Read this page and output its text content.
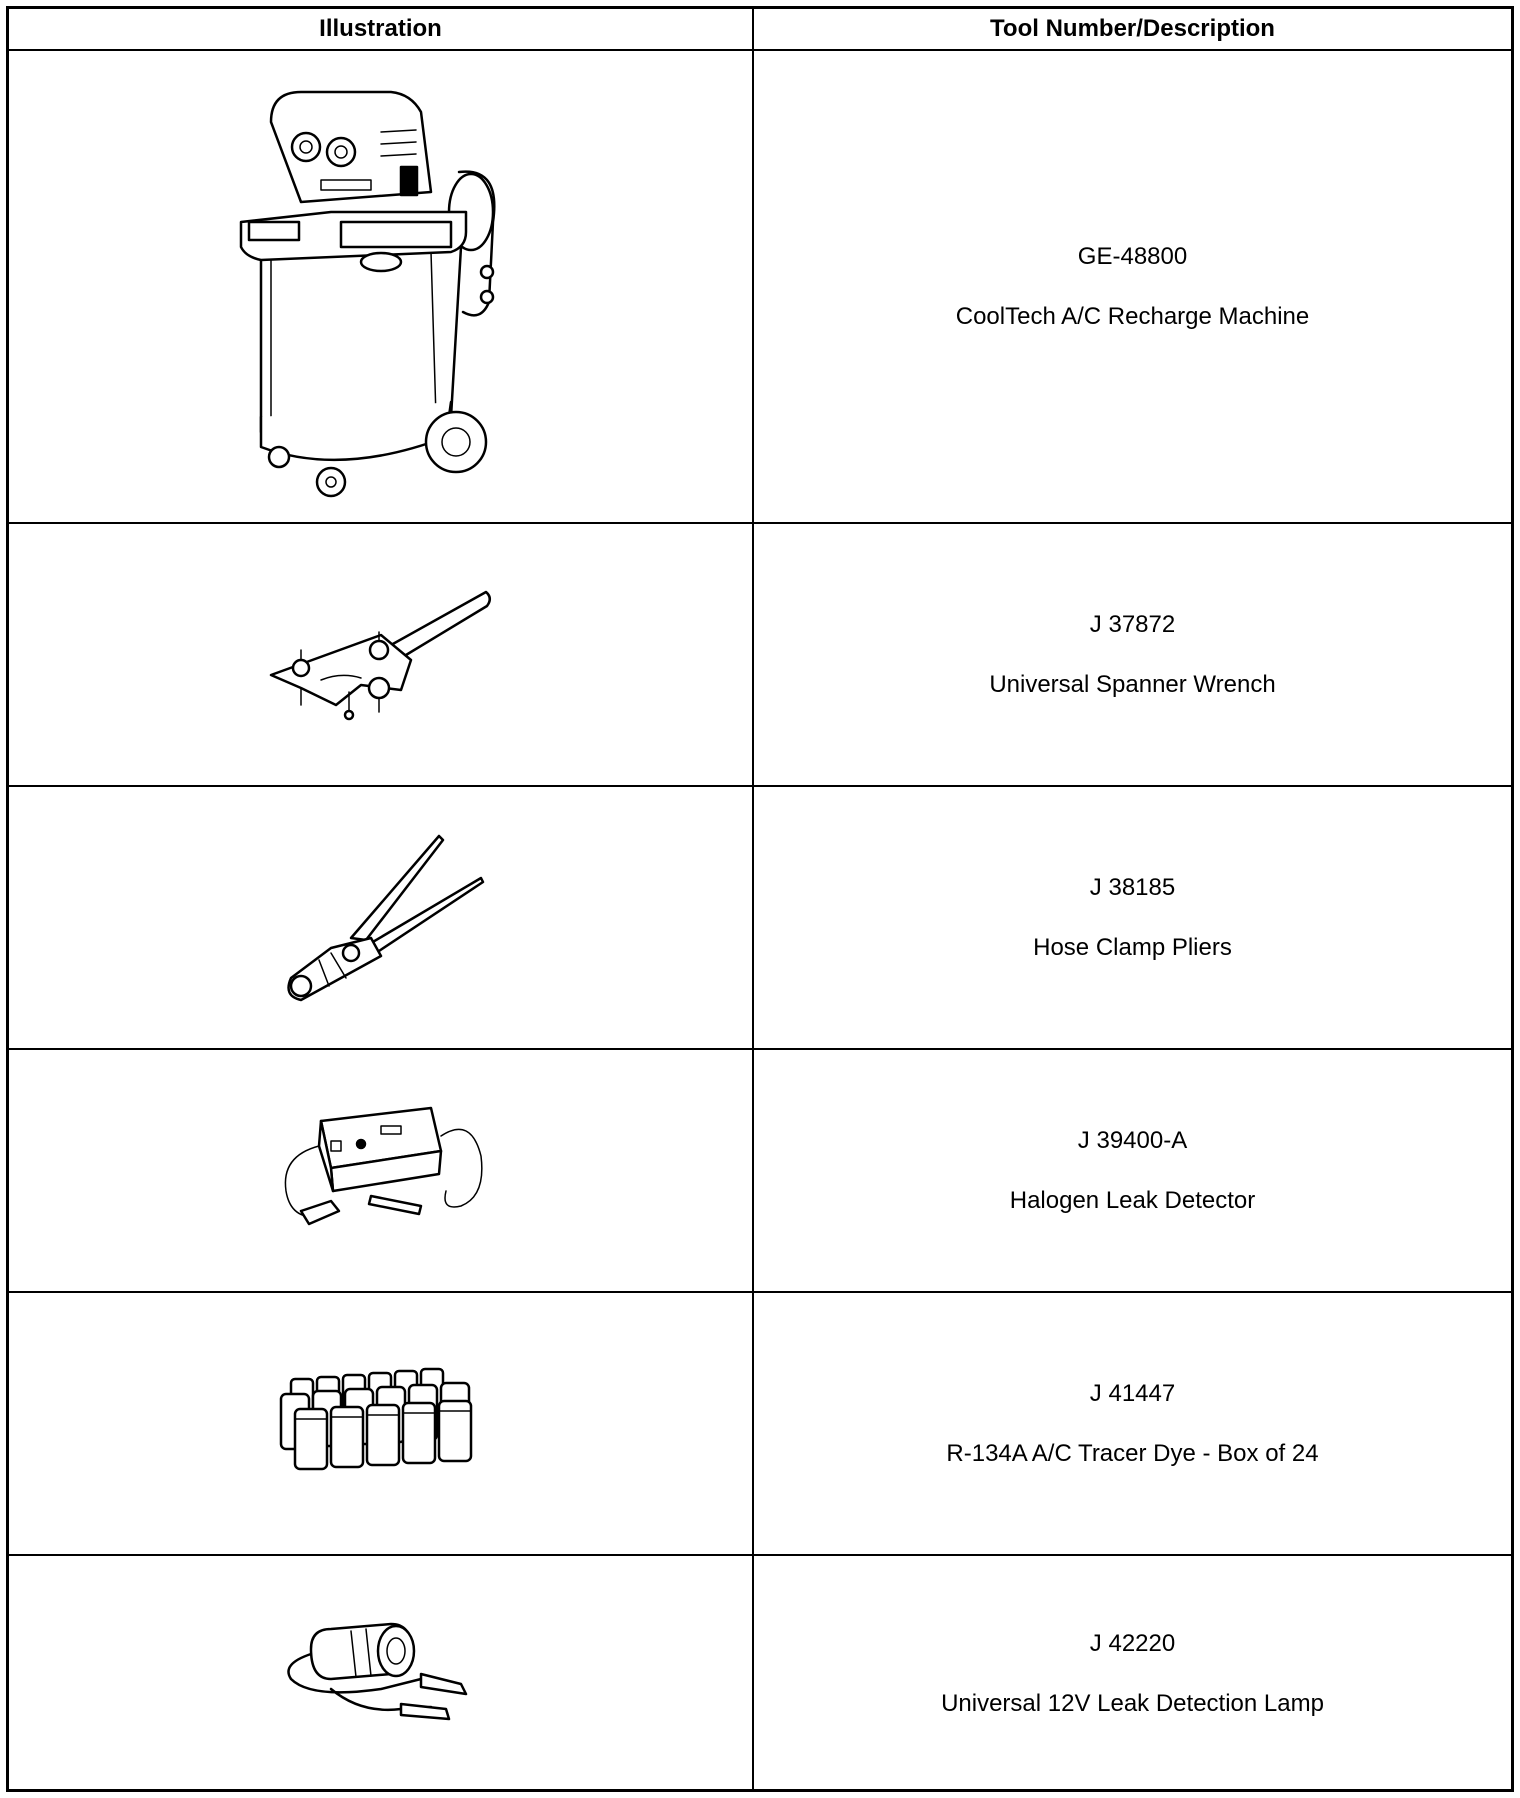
Illustration	Tool Number/Description
GE-48800
CoolTech A/C Recharge Machine
J 37872
Universal Spanner Wrench
J 38185
Hose Clamp Pliers
J 39400-A
Halogen Leak Detector
J 41447
R-134A A/C Tracer Dye - Box of 24
J 42220
Universal 12V Leak Detection Lamp
